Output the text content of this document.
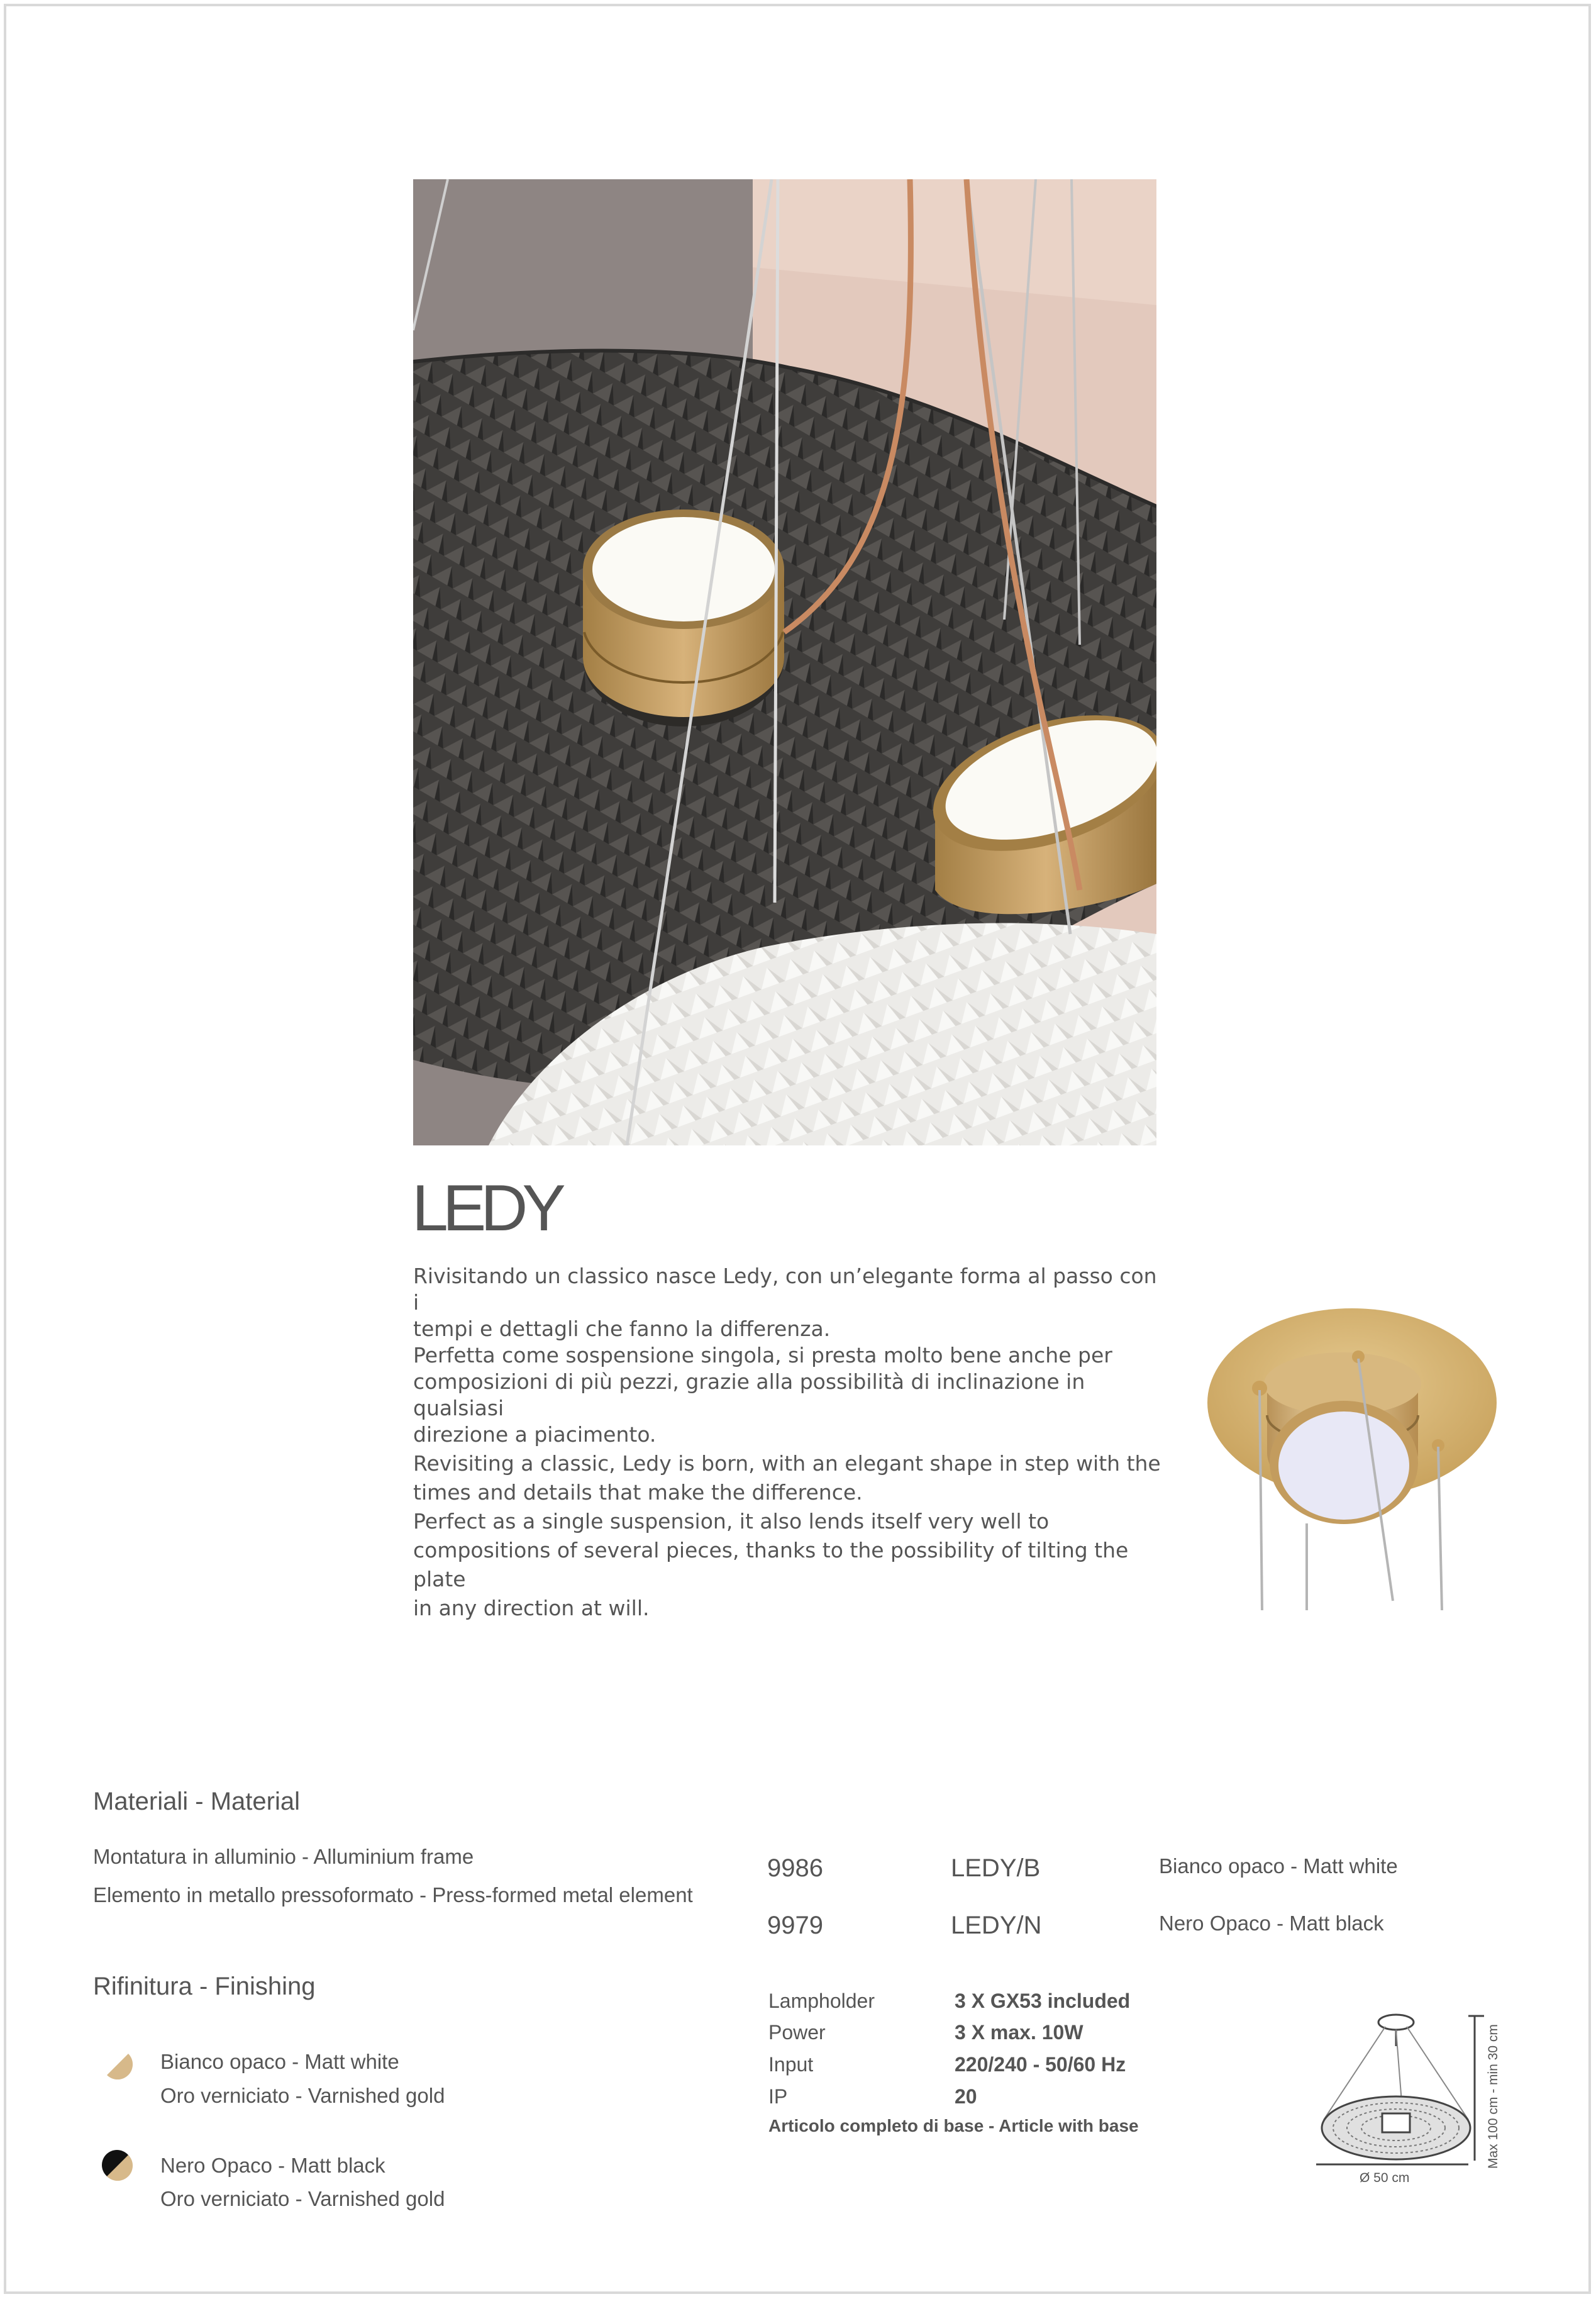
LEDY

Rivisitando un classico nasce Ledy, con un’elegante forma al passo con i

tempi e dettagli che fanno la differenza.

Perfetta come sospensione singola, si presta molto bene anche per

composizioni di più pezzi, grazie alla possibilità di inclinazione in qualsiasi

direzione a piacimento.

Revisiting a classic, Ledy is born, with an elegant shape in step with the

times and details that make the difference.

Perfect as a single suspension, it also lends itself very well to

compositions of several pieces, thanks to the possibility of tilting the plate

in any direction at will.

Materiali - Material
Montatura in alluminio - Alluminium frame
Elemento in metallo pressoformato - Press-formed metal element
Rifinitura - Finishing
Bianco opaco - Matt white
Oro verniciato - Varnished gold
Nero Opaco - Matt black
Oro verniciato - Varnished gold
9986	LEDY/B	Bianco opaco - Matt white
9979	LEDY/N	Nero Opaco - Matt black
Lampholder	3 X GX53 included
Power	3 X max. 10W
Input	220/240 - 50/60 Hz
IP	20
Articolo completo di base - Article with base
Ø 50 cm
Max 100 cm - min 30 cm
